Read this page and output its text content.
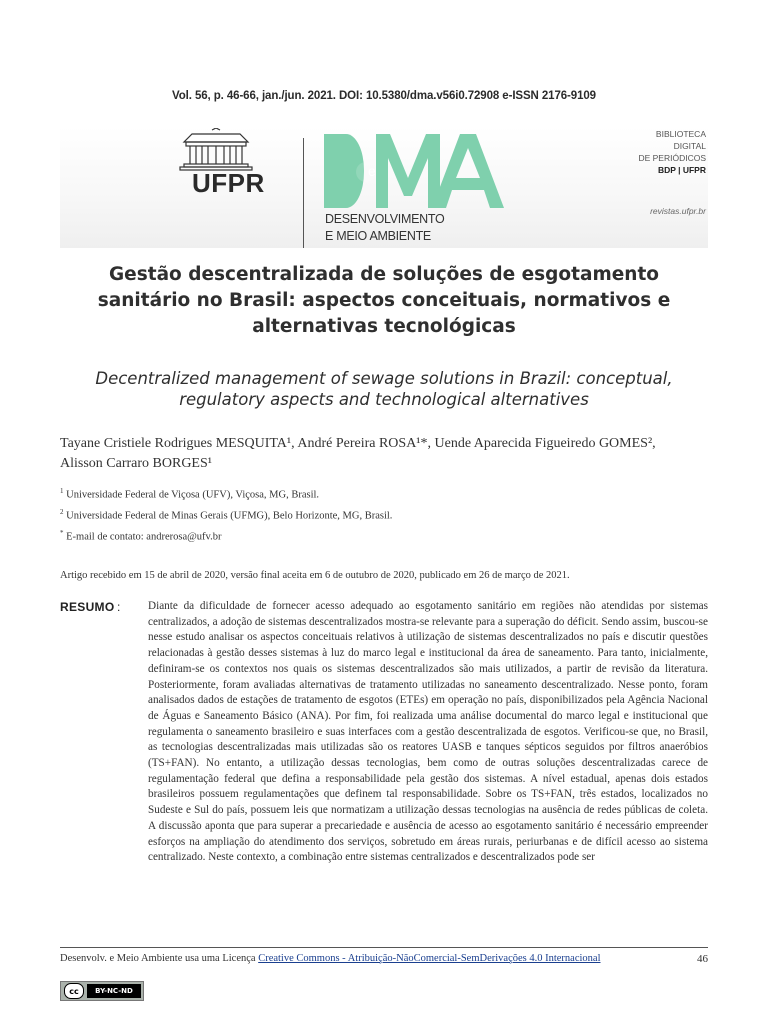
Vol. 56, p. 46-66, jan./jun. 2021. DOI: 10.5380/dma.v56i0.72908 e-ISSN 2176-9109
UFPR	e
DESENVOLVIMENTO
E MEIO AMBIENTE
BIBLIOTECA
DIGITAL
DE PERIÓDICOS
BDP | UFPR
revistas.ufpr.br
Gestão descentralizada de soluções de esgotamento
sanitário no Brasil: aspectos conceituais, normativos e
alternativas tecnológicas
Decentralized management of sewage solutions in Brazil: conceptual,
regulatory aspects and technological alternatives
Tayane Cristiele Rodrigues MESQUITA¹, André Pereira ROSA¹*, Uende Aparecida Figueiredo GOMES²,
Alisson Carraro BORGES¹
$^1$ Universidade Federal de Viçosa (UFV), Viçosa, MG, Brasil.
$^2$ Universidade Federal de Minas Gerais (UFMG), Belo Horizonte, MG, Brasil.
* E-mail de contato: andrerosa@ufv.br
Artigo recebido em 15 de abril de 2020, versão final aceita em 6 de outubro de 2020, publicado em 26 de março de 2021.
RESUMO : Diante da dificuldade de fornecer acesso adequado ao esgotamento sanitário em regiões não atendidas por sistemas centralizados, a adoção de sistemas descentralizados mostra-se relevante para a superação do déficit. Sendo assim, buscou-se nesse estudo analisar os aspectos conceituais relativos à utilização de sistemas descentralizados no país e discutir questões relacionadas à gestão desses sistemas à luz do marco legal e institucional da área de saneamento. Para tanto, inicialmente, definiram-se os contextos nos quais os sistemas descentralizados são mais utilizados, a partir de revisão da literatura. Posteriormente, foram avaliadas alternativas de tratamento utilizadas no saneamento descentralizado. Nesse ponto, foram analisados dados de estações de tratamento de esgotos (ETEs) em operação no país, disponibilizados pela Agência Nacional de Águas e Saneamento Básico (ANA). Por fim, foi realizada uma análise documental do marco legal e institucional que regulamenta o saneamento brasileiro e suas interfaces com a gestão descentralizada de esgotos. Verificou-se que, no Brasil, as tecnologias descentralizadas mais utilizadas são os reatores UASB e tanques sépticos seguidos por filtros anaeróbios (TS+FAN). No entanto, a utilização dessas tecnologias, bem como de outras soluções descentralizadas carece de regulamentação federal que defina a responsabilidade pela gestão dos sistemas. A nível estadual, apenas dois estados brasileiros possuem regulamentações que definem tal responsabilidade. Sobre os TS+FAN, três estados, localizados no Sudeste e Sul do país, possuem leis que normatizam a utilização dessas tecnologias na ausência de redes públicas de coleta. A discussão aponta que para superar a precariedade e ausência de acesso ao esgotamento sanitário é necessário empreender esforços na ampliação do atendimento dos serviços, sobretudo em áreas rurais, periurbanas e de difícil acesso ao sistema centralizado. Neste contexto, a combinação entre sistemas centralizados e descentralizados pode ser
Desenvolv. e Meio Ambiente usa uma Licença Creative Commons - Atribuição-NãoComercial-SemDerivações 4.0 Internacional	46
cc	BY-NC-ND
